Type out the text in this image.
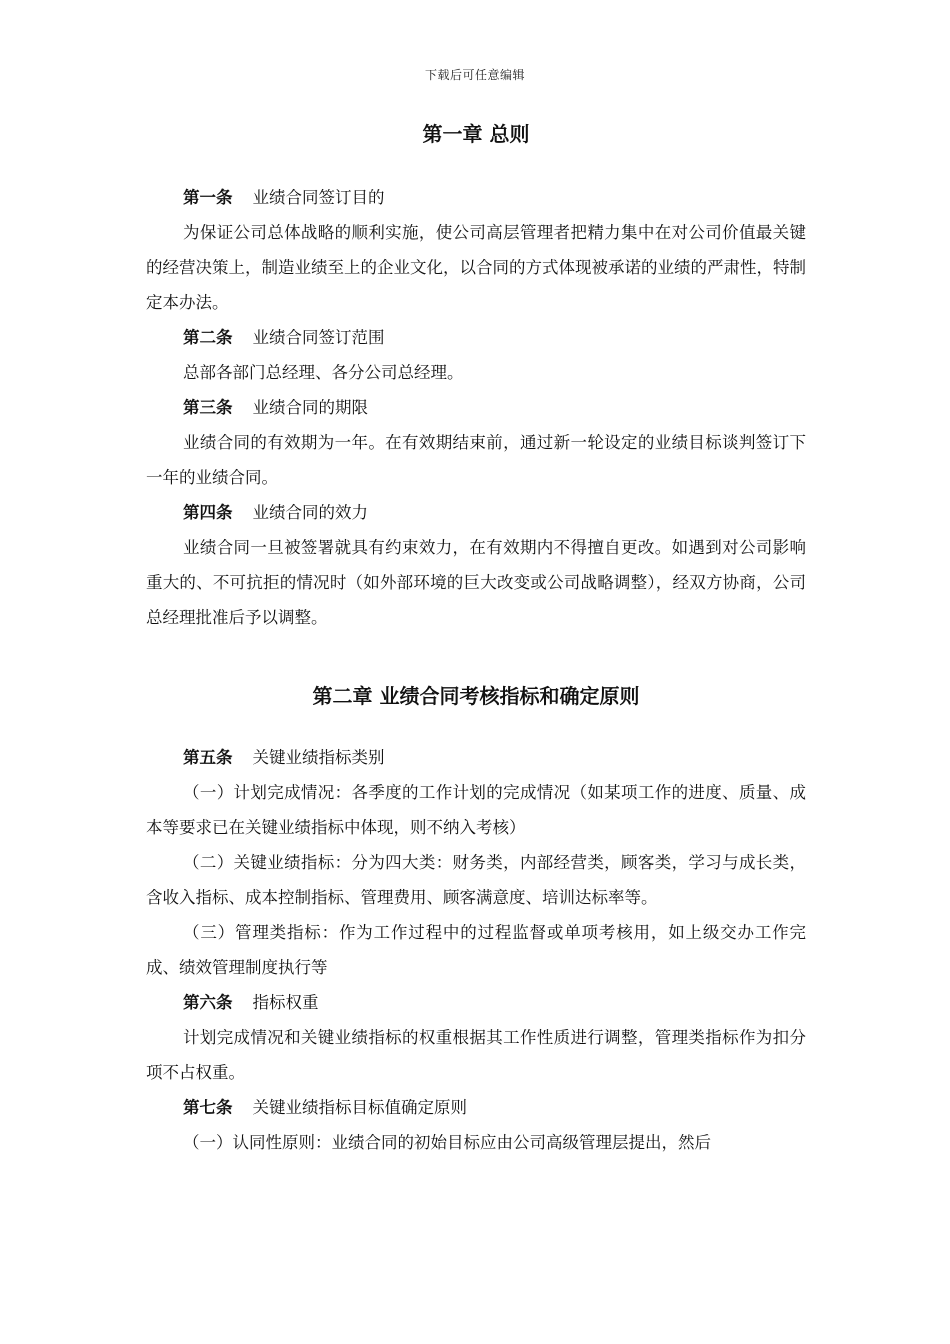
下载后可任意编辑
第一章 总则
第一条 业绩合同签订目的

为保证公司总体战略的顺利实施，使公司高层管理者把精力集中在对公司价值最关键的经营决策上，制造业绩至上的企业文化，以合同的方式体现被承诺的业绩的严肃性，特制定本办法。

第二条 业绩合同签订范围

总部各部门总经理、各分公司总经理。

第三条 业绩合同的期限

业绩合同的有效期为一年。在有效期结束前，通过新一轮设定的业绩目标谈判签订下一年的业绩合同。

第四条 业绩合同的效力

业绩合同一旦被签署就具有约束效力，在有效期内不得擅自更改。如遇到对公司影响重大的、不可抗拒的情况时（如外部环境的巨大改变或公司战略调整），经双方协商，公司总经理批准后予以调整。

第二章 业绩合同考核指标和确定原则
第五条 关键业绩指标类别

（一）计划完成情况：各季度的工作计划的完成情况（如某项工作的进度、质量、成本等要求已在关键业绩指标中体现，则不纳入考核）

（二）关键业绩指标：分为四大类：财务类，内部经营类，顾客类，学习与成长类，含收入指标、成本控制指标、管理费用、顾客满意度、培训达标率等。

（三）管理类指标：作为工作过程中的过程监督或单项考核用，如上级交办工作完成、绩效管理制度执行等

第六条 指标权重

计划完成情况和关键业绩指标的权重根据其工作性质进行调整，管理类指标作为扣分项不占权重。

第七条 关键业绩指标目标值确定原则

（一）认同性原则：业绩合同的初始目标应由公司高级管理层提出，然后
